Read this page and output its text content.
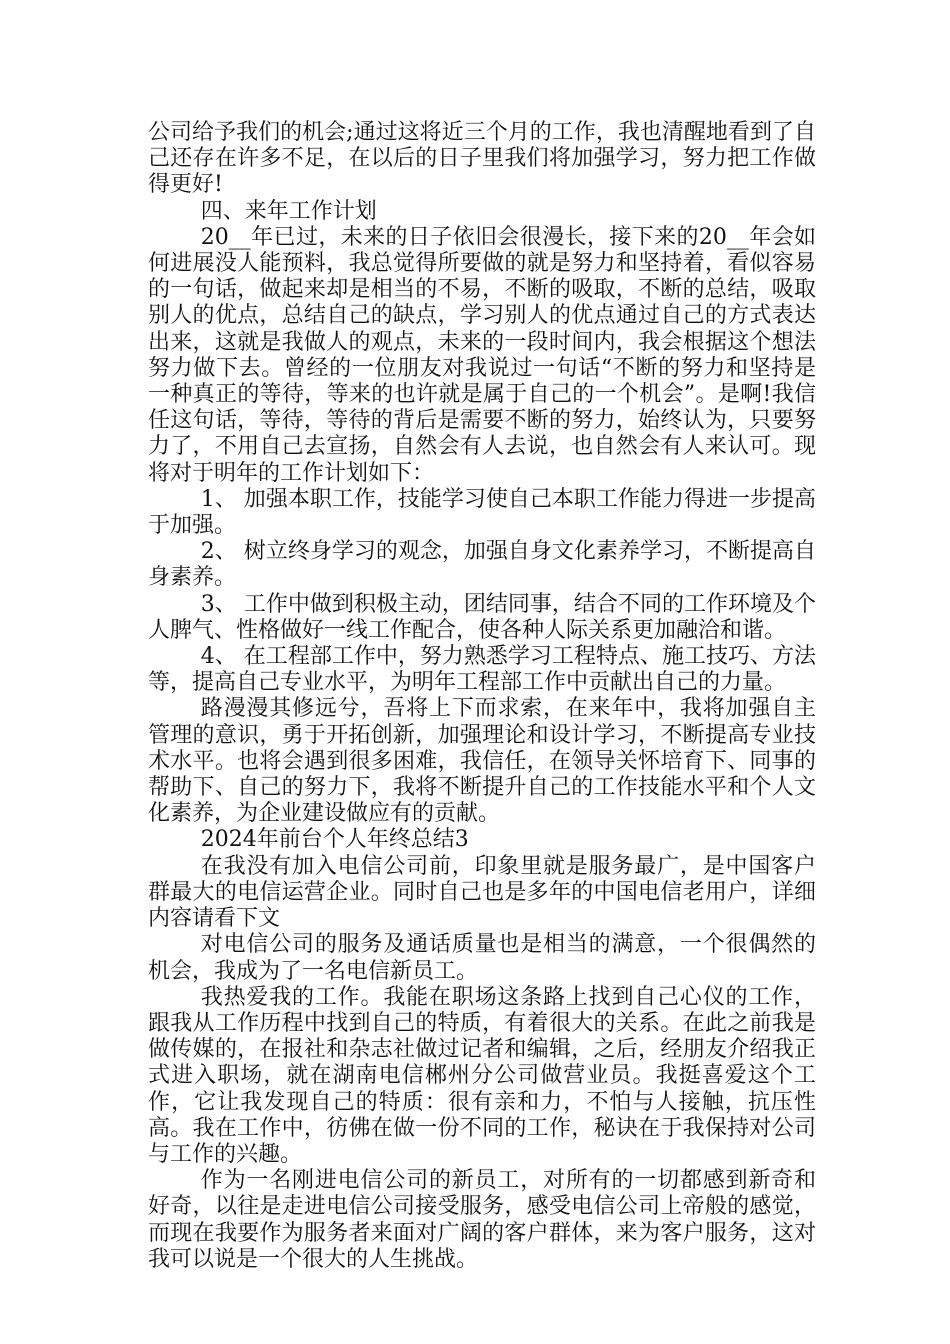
公司给予我们的机会;通过这将近三个月的工作，我也清醒地看到了自己还存在许多不足，在以后的日子里我们将加强学习，努力把工作做得更好!

四、来年工作计划

20__年已过，未来的日子依旧会很漫长，接下来的20__年会如何进展没人能预料，我总觉得所要做的就是努力和坚持着，看似容易的一句话，做起来却是相当的不易，不断的吸取，不断的总结，吸取别人的优点，总结自己的缺点，学习别人的优点通过自己的方式表达出来，这就是我做人的观点，未来的一段时间内，我会根据这个想法努力做下去。曾经的一位朋友对我说过一句话“不断的努力和坚持是一种真正的等待，等来的也许就是属于自己的一个机会”。是啊!我信任这句话，等待，等待的背后是需要不断的努力，始终认为，只要努力了，不用自己去宣扬，自然会有人去说，也自然会有人来认可。现将对于明年的工作计划如下：

1、 加强本职工作，技能学习使自己本职工作能力得进一步提高于加强。

2、 树立终身学习的观念，加强自身文化素养学习，不断提高自身素养。

3、 工作中做到积极主动，团结同事，结合不同的工作环境及个人脾气、性格做好一线工作配合，使各种人际关系更加融洽和谐。

4、 在工程部工作中，努力熟悉学习工程特点、施工技巧、方法等，提高自己专业水平，为明年工程部工作中贡献出自己的力量。

路漫漫其修远兮，吾将上下而求索，在来年中，我将加强自主管理的意识，勇于开拓创新，加强理论和设计学习，不断提高专业技术水平。也将会遇到很多困难，我信任，在领导关怀培育下、同事的帮助下、自己的努力下，我将不断提升自己的工作技能水平和个人文化素养，为企业建设做应有的贡献。

2024年前台个人年终总结3

在我没有加入电信公司前，印象里就是服务最广，是中国客户群最大的电信运营企业。同时自己也是多年的中国电信老用户，详细内容请看下文

对电信公司的服务及通话质量也是相当的满意，一个很偶然的机会，我成为了一名电信新员工。

我热爱我的工作。我能在职场这条路上找到自己心仪的工作，跟我从工作历程中找到自己的特质，有着很大的关系。在此之前我是做传媒的，在报社和杂志社做过记者和编辑，之后，经朋友介绍我正式进入职场，就在湖南电信郴州分公司做营业员。我挺喜爱这个工作，它让我发现自己的特质：很有亲和力，不怕与人接触，抗压性高。我在工作中，彷佛在做一份不同的工作，秘诀在于我保持对公司与工作的兴趣。

作为一名刚进电信公司的新员工，对所有的一切都感到新奇和好奇，以往是走进电信公司接受服务，感受电信公司上帝般的感觉，而现在我要作为服务者来面对广阔的客户群体，来为客户服务，这对我可以说是一个很大的人生挑战。
